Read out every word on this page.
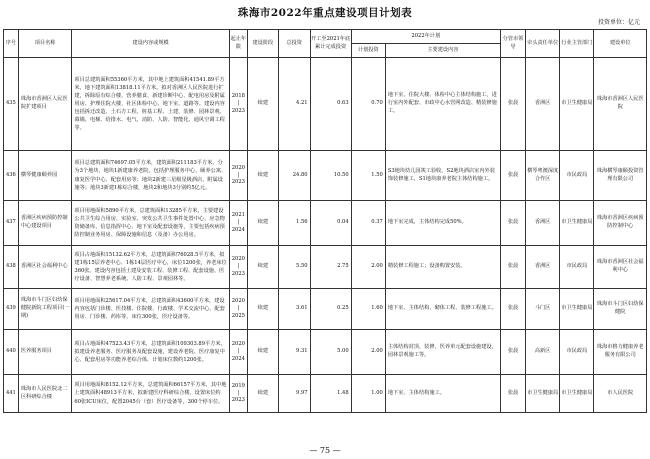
珠海市2022年重点建设项目计划表
投资单位：亿元
序号	项目名称	建设内容或规模	起止年限	建设阶段	总投资	开工至2021年底累计完成投资	2022年计划		分管市领导	牵头责任单位	行业主管部门	建设单位
							计划投资	主要建设内容				
435	珠海市香洲区人民医院扩建项目	项目总建筑面积55360平方米，其中地上建筑面积41541.89平方米，地下建筑面积13818.11平方米。拟对香洲区人民医院进行扩建，拆除原有综合楼、营养膳食、新建诊断中心、配电用房及附属用房、护理住院大楼、社区体检中心、地下室、道路等。建设内容包括拆迁改造、土石方工程、桩基工程、土建、装修、园林景观、幕墙、电梯、给排水、电气、消防、人防、智能化、通风空调工程等。	2018
|
2023	续建	4.21	0.63	0.70	地下室、住院大楼、体检中心主体结构施工，进行室内外配套、市政中心水管网改造、精装修施工。	张晨	香洲区	市卫生健康局	珠海市香洲区人民医院
436	横琴健康颐养园	项目总建筑面积74697.05平方米，建筑面积211183平方米，分为3个地块，地块1新建康养老院，包括护理服务中心、颐养公寓、康复医学中心、配套用房等；地块2新建三星级星级酒店，附属设施等；地块3新建1栋综合楼，地块2和地块3分别约5亿元。	2020
|
2023	续建	24.80	10.50	1.50	S3地块幼儿园竣工验收，S2地块酒店室内外装饰装修施工，S1地块康养老院主体结构施工。	张晨	横琴粤澳深度合作区	市民政局	珠海横琴康颐投资管理有限公司
437	香洲区疾病预防控制中心建设项目	项目用地面积5890平方米，总建筑面积13285平方米，主要建设公共卫生综合用房、实验室、突发公共卫生事件处置中心、应急物资储备库、信息指挥中心、地下室及配套设施等，主要包括疾病预防控制业务用房、保障设施和信息（及备）办公用房。	2021
|
2024	续建	1.56	0.04	0.37	地下室完成，主体结构完成50%。	张晨	香洲区	市卫生健康局	珠海市香洲区疾病预防控制中心
438	香洲区社会福利中心	项目占地面积15132.62平方米，总建筑面积76028.5平方米，拟建1栋15层养老中心、1栋14层医疗中心，床位1200张，养老床位360张。建设内容包括土建及安装工程、装修工程、配套设施、医疗设备、智慧养老系统、人防工程、景观园林等。	2020
|
2023	续建	5.50	2.75	2.00	精装修工程施工；设备购置安装。	张晨	香洲区	市民政局	珠海市香洲区社会福利中心
439	珠海市斗门区妇幼保健院新院工程项目(一期)	项目用地面积25617.04平方米，总建筑面积43600平方米，建设内容包括门诊楼、医技楼、住院楼、行政楼、学术交流中心、配套用房、门诊楼、药库等，床位300张，医疗设备等。	2020
|
2025	续建	3.61	0.25	1.60	地下室、主体结构、砌体工程、装修工程施工。	张晨	斗门区	市卫生健康局	珠海市斗门区妇幼保健院
440	医养服务项目	项目占地面积47523.43平方米，总建筑面积109303.89平方米，拟建设养老服务、医疗服务及配套设施，建设养老院、医疗康复中心、配套用房等功能养老综合体，计划床位数约1200张。	2020
|
2024	续建	9.31	5.00	2.00	主体结构封顶，装修，医养单元配套设施建设，园林景观施工等。	张晨	高新区	市民政局	珠海市格力健康养老服务有限公司
441	珠海市人民医院北二区科研综合楼	项目用地面积8152.12平方米，总建筑面积66157平方米，其中地上建筑面积48913平方米，拟新建医疗科研综合楼，设置床位约60张ICU床位，配置2045台（套）医疗设备等，300个停车位。	2019
|
2023	续建	9.97	1.48	1.00	地下室、主体结构施工。	张晨	市卫生健康局	市卫生健康局	市人民医院
— 75 —
